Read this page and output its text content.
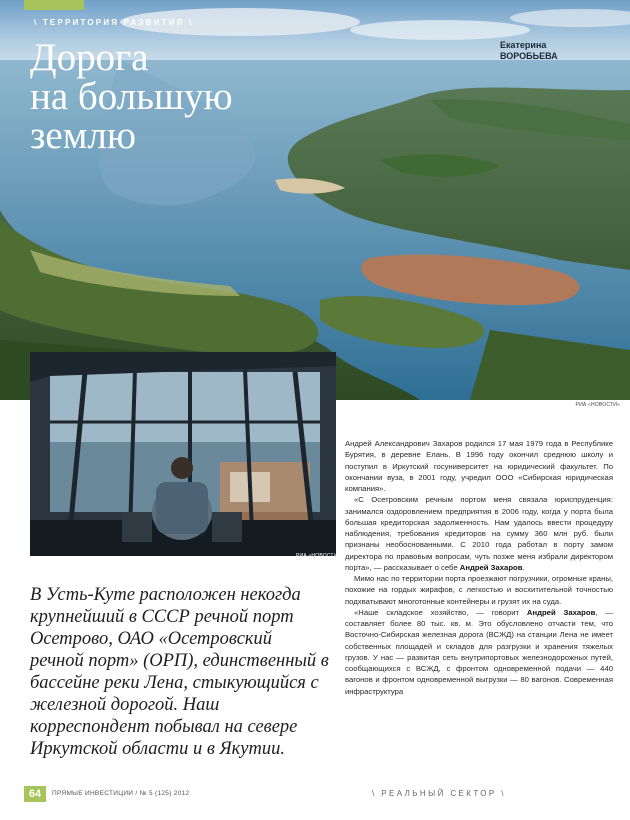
\ ТЕРРИТОРИЯ РАЗВИТИЯ \
Дорога
на большую
землю
Екатерина
ВОРОБЬЕВА
РИА «НОВОСТИ»
РИА «НОВОСТИ»

В Усть-Куте расположен некогда крупнейший в СССР речной порт Осетрово, ОАО «Осетровский речной порт» (ОРП), единственный в бассейне реки Лена, стыкующийся с железной дорогой. Наш корреспондент побывал на севере Иркутской области и в Якутии.

Андрей Александрович Захаров родился 17 мая 1979 года в Республике Бурятия, в деревне Елань. В 1996 году окончил среднюю школу и поступил в Иркутский госуниверситет на юридический факультет. По окончании вуза, в 2001 году, учредил ООО «Сибирская юридическая компания».

«С Осетровским речным портом меня связала юриспруденция: занимался оздоровлением предприятия в 2006 году, когда у порта была большая кредиторская задолженность. Нам удалось ввести процедуру наблюдения, требования кредиторов на сумму 360 млн руб. были признаны необоснованными. С 2010 года работал в порту замом директора по правовым вопросам, чуть позже меня избрали директором порта», — рассказывает о себе Андрей Захаров.

Мимо нас по территории порта проезжают погрузчики, огромные краны, похожие на гордых жирафов, с легкостью и восхитительной точностью подхватывают многотонные контейнеры и грузят их на суда.

«Наше складское хозяйство, — говорит Андрей Захаров, — составляет более 80 тыс. кв. м. Это обусловлено отчасти тем, что Восточно-Сибирская железная дорога (ВСЖД) на станции Лена не имеет собственных площадей и складов для разгрузки и хранения тяжелых грузов. У нас — развитая сеть внутрипортовых железнодорожных путей, сообщающихся с ВСЖД, с фронтом одновременной подачи — 440 вагонов и фронтом одновременной выгрузки — 80 вагонов. Современная инфраструктура

64	ПРЯМЫЕ ИНВЕСТИЦИИ / № 5 (125) 2012	\ РЕАЛЬНЫЙ СЕКТОР \
